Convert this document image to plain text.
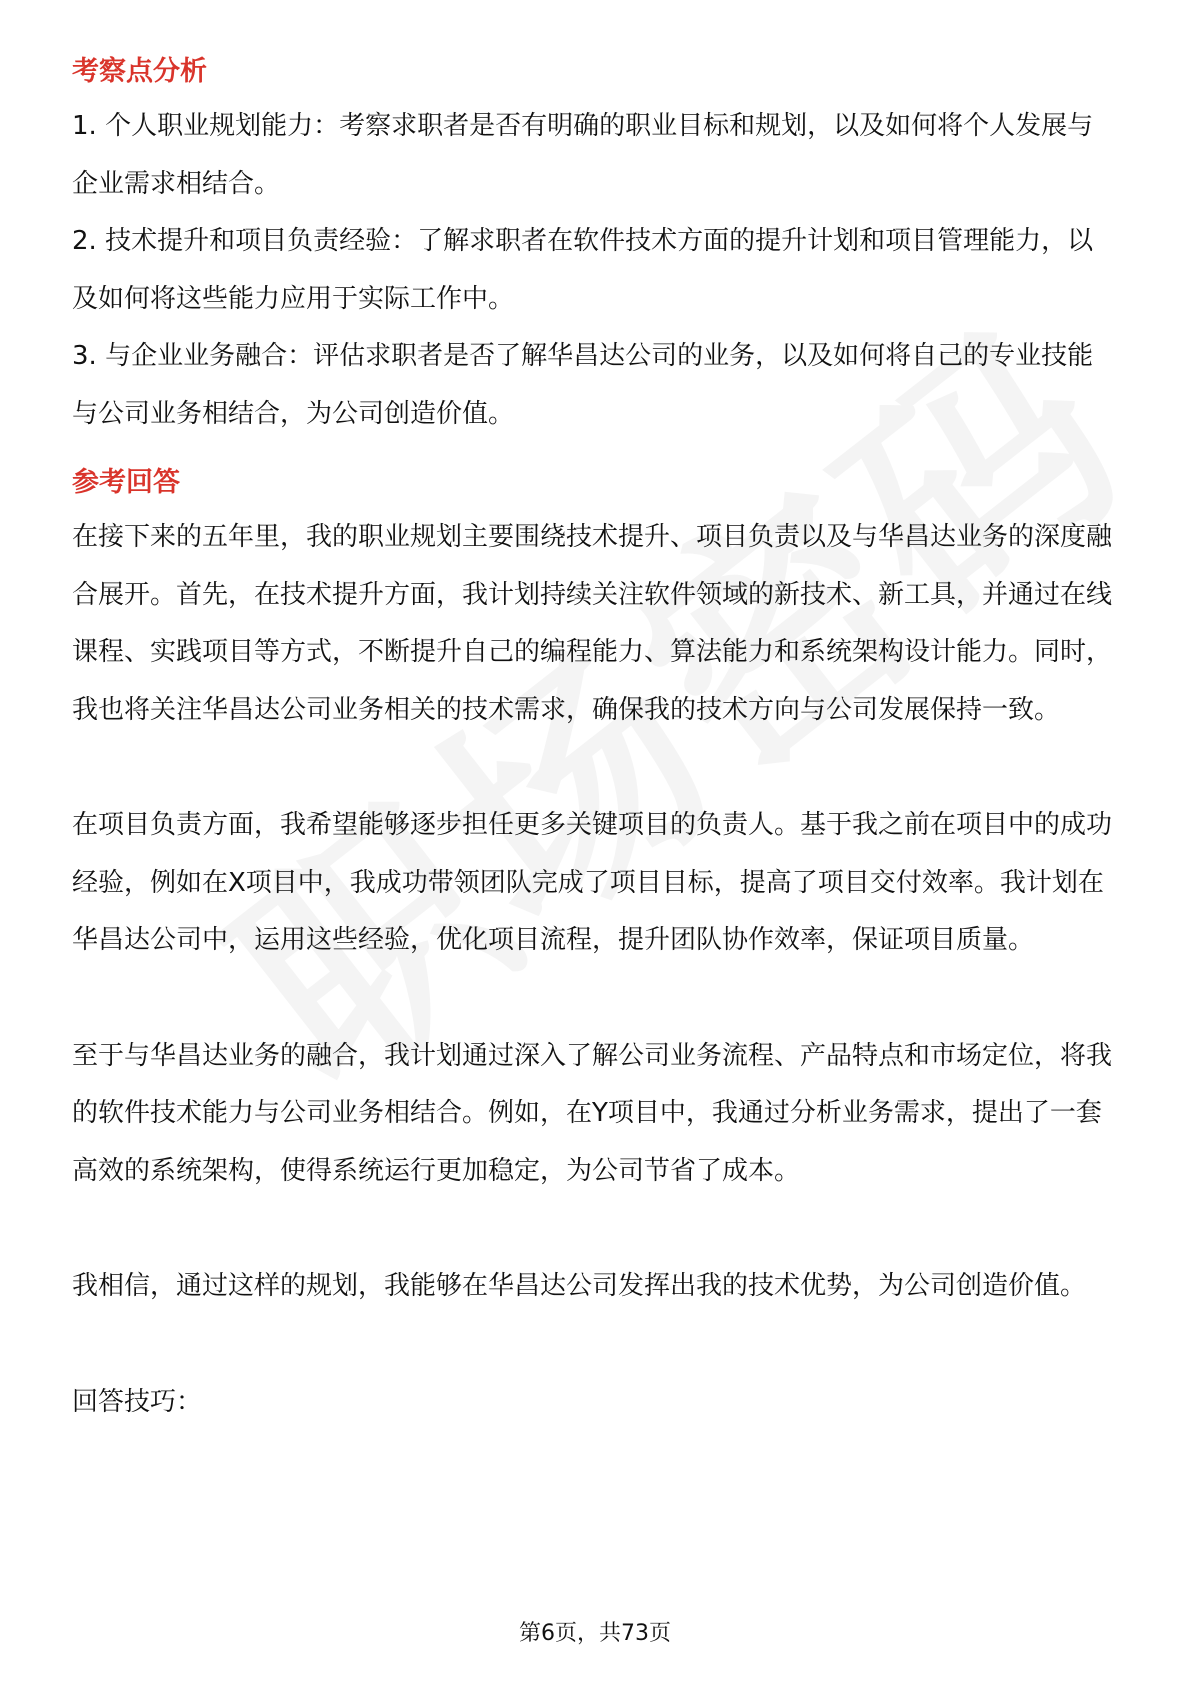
考察点分析

1. 个人职业规划能力：考察求职者是否有明确的职业目标和规划，以及如何将个人发展与企业需求相结合。

2. 技术提升和项目负责经验：了解求职者在软件技术方面的提升计划和项目管理能力，以及如何将这些能力应用于实际工作中。

3. 与企业业务融合：评估求职者是否了解华昌达公司的业务，以及如何将自己的专业技能与公司业务相结合，为公司创造价值。

参考回答

在接下来的五年里，我的职业规划主要围绕技术提升、项目负责以及与华昌达业务的深度融合展开。首先，在技术提升方面，我计划持续关注软件领域的新技术、新工具，并通过在线课程、实践项目等方式，不断提升自己的编程能力、算法能力和系统架构设计能力。同时，我也将关注华昌达公司业务相关的技术需求，确保我的技术方向与公司发展保持一致。

在项目负责方面，我希望能够逐步担任更多关键项目的负责人。基于我之前在项目中的成功经验，例如在X项目中，我成功带领团队完成了项目目标，提高了项目交付效率。我计划在华昌达公司中，运用这些经验，优化项目流程，提升团队协作效率，保证项目质量。

至于与华昌达业务的融合，我计划通过深入了解公司业务流程、产品特点和市场定位，将我的软件技术能力与公司业务相结合。例如，在Y项目中，我通过分析业务需求，提出了一套高效的系统架构，使得系统运行更加稳定，为公司节省了成本。

我相信，通过这样的规划，我能够在华昌达公司发挥出我的技术优势，为公司创造价值。

回答技巧：

第6页，共73页
